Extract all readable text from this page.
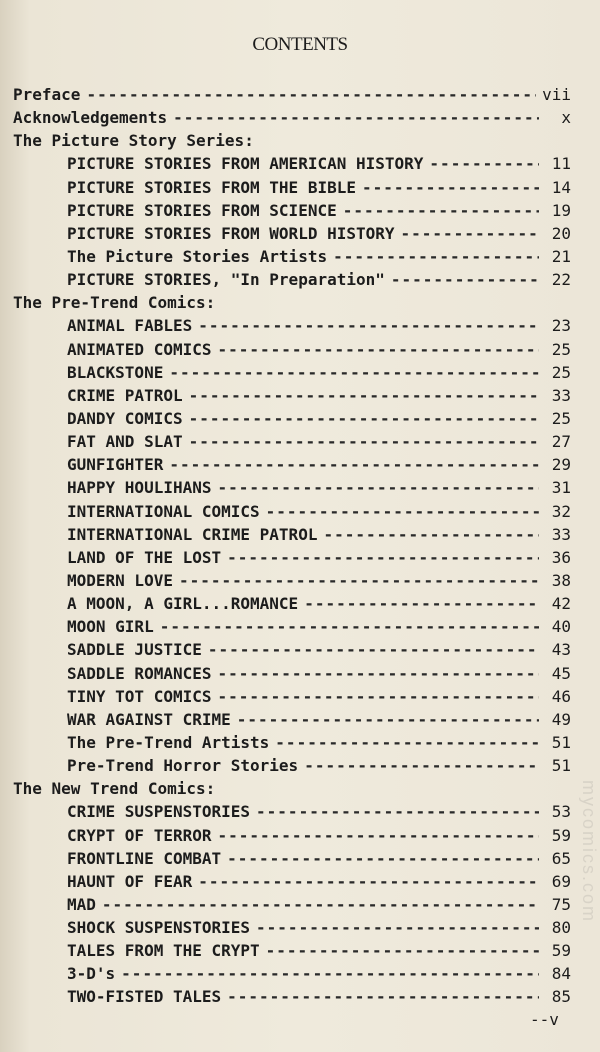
CONTENTS
Preface -----	vii
Acknowledgements -----	x
The Picture Story Series:
PICTURE STORIES FROM AMERICAN HISTORY -----	11
PICTURE STORIES FROM THE BIBLE -----	14
PICTURE STORIES FROM SCIENCE -----	19
PICTURE STORIES FROM WORLD HISTORY -----	20
The Picture Stories Artists -----	21
PICTURE STORIES, "In Preparation" -----	22
The Pre-Trend Comics:
ANIMAL FABLES -----	23
ANIMATED COMICS -----	25
BLACKSTONE -----	25
CRIME PATROL -----	33
DANDY COMICS -----	25
FAT AND SLAT -----	27
GUNFIGHTER -----	29
HAPPY HOULIHANS -----	31
INTERNATIONAL COMICS -----	32
INTERNATIONAL CRIME PATROL -----	33
LAND OF THE LOST -----	36
MODERN LOVE -----	38
A MOON, A GIRL...ROMANCE -----	42
MOON GIRL -----	40
SADDLE JUSTICE -----	43
SADDLE ROMANCES -----	45
TINY TOT COMICS -----	46
WAR AGAINST CRIME -----	49
The Pre-Trend Artists -----	51
Pre-Trend Horror Stories -----	51
The New Trend Comics:
CRIME SUSPENSTORIES -----	53
CRYPT OF TERROR -----	59
FRONTLINE COMBAT -----	65
HAUNT OF FEAR -----	69
MAD -----	75
SHOCK SUSPENSTORIES -----	80
TALES FROM THE CRYPT -----	59
3-D's -----	84
TWO-FISTED TALES -----	85
--v
mycomics.com
